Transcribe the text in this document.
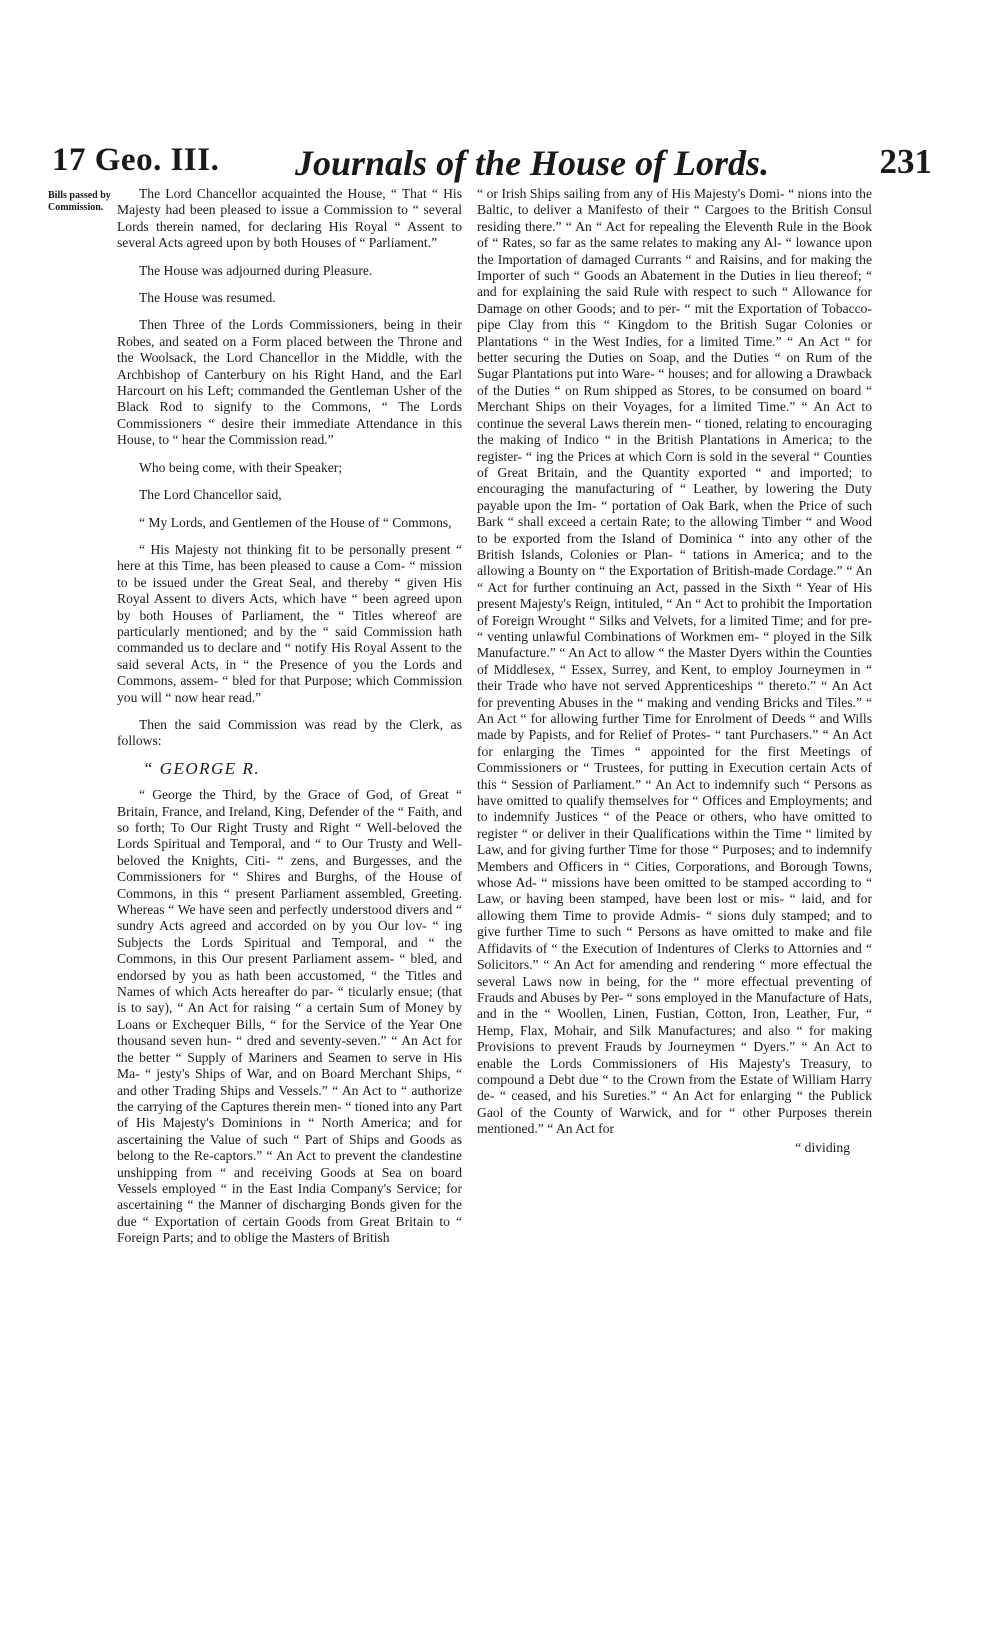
17 Geo. III. Journals of the House of Lords.	231
Bills passed by Commission.

The Lord Chancellor acquainted the House, “ That “ His Majesty had been pleased to issue a Commission to “ several Lords therein named, for declaring His Royal “ Assent to several Acts agreed upon by both Houses of “ Parliament.”

The House was adjourned during Pleasure.

The House was resumed.

Then Three of the Lords Commissioners, being in their Robes, and seated on a Form placed between the Throne and the Woolsack, the Lord Chancellor in the Middle, with the Archbishop of Canterbury on his Right Hand, and the Earl Harcourt on his Left; commanded the Gentleman Usher of the Black Rod to signify to the Commons, “ The Lords Commissioners “ desire their immediate Attendance in this House, to “ hear the Commission read.”

Who being come, with their Speaker;

The Lord Chancellor said,

“ My Lords, and Gentlemen of the House of “ Commons,

“ His Majesty not thinking fit to be personally present “ here at this Time, has been pleased to cause a Com- “ mission to be issued under the Great Seal, and thereby “ given His Royal Assent to divers Acts, which have “ been agreed upon by both Houses of Parliament, the “ Titles whereof are particularly mentioned; and by the “ said Commission hath commanded us to declare and “ notify His Royal Assent to the said several Acts, in “ the Presence of you the Lords and Commons, assem- “ bled for that Purpose; which Commission you will “ now hear read.”

Then the said Commission was read by the Clerk, as follows:

“ GEORGE R.

“ George the Third, by the Grace of God, of Great “ Britain, France, and Ireland, King, Defender of the “ Faith, and so forth; To Our Right Trusty and Right “ Well-beloved the Lords Spiritual and Temporal, and “ to Our Trusty and Well-beloved the Knights, Citi- “ zens, and Burgesses, and the Commissioners for “ Shires and Burghs, of the House of Commons, in this “ present Parliament assembled, Greeting. Whereas “ We have seen and perfectly understood divers and “ sundry Acts agreed and accorded on by you Our lov- “ ing Subjects the Lords Spiritual and Temporal, and “ the Commons, in this Our present Parliament assem- “ bled, and endorsed by you as hath been accustomed, “ the Titles and Names of which Acts hereafter do par- “ ticularly ensue; (that is to say), “ An Act for raising “ a certain Sum of Money by Loans or Exchequer Bills, “ for the Service of the Year One thousand seven hun- “ dred and seventy-seven.” “ An Act for the better “ Supply of Mariners and Seamen to serve in His Ma- “ jesty's Ships of War, and on Board Merchant Ships, “ and other Trading Ships and Vessels.” “ An Act to “ authorize the carrying of the Captures therein men- “ tioned into any Part of His Majesty's Dominions in “ North America; and for ascertaining the Value of such “ Part of Ships and Goods as belong to the Re-captors.” “ An Act to prevent the clandestine unshipping from “ and receiving Goods at Sea on board Vessels employed “ in the East India Company's Service; for ascertaining “ the Manner of discharging Bonds given for the due “ Exportation of certain Goods from Great Britain to “ Foreign Parts; and to oblige the Masters of British

“ or Irish Ships sailing from any of His Majesty's Domi- “ nions into the Baltic, to deliver a Manifesto of their “ Cargoes to the British Consul residing there.” “ An “ Act for repealing the Eleventh Rule in the Book of “ Rates, so far as the same relates to making any Al- “ lowance upon the Importation of damaged Currants “ and Raisins, and for making the Importer of such “ Goods an Abatement in the Duties in lieu thereof; “ and for explaining the said Rule with respect to such “ Allowance for Damage on other Goods; and to per- “ mit the Exportation of Tobacco-pipe Clay from this “ Kingdom to the British Sugar Colonies or Plantations “ in the West Indies, for a limited Time.” “ An Act “ for better securing the Duties on Soap, and the Duties “ on Rum of the Sugar Plantations put into Ware- “ houses; and for allowing a Drawback of the Duties “ on Rum shipped as Stores, to be consumed on board “ Merchant Ships on their Voyages, for a limited Time.” “ An Act to continue the several Laws therein men- “ tioned, relating to encouraging the making of Indico “ in the British Plantations in America; to the register- “ ing the Prices at which Corn is sold in the several “ Counties of Great Britain, and the Quantity exported “ and imported; to encouraging the manufacturing of “ Leather, by lowering the Duty payable upon the Im- “ portation of Oak Bark, when the Price of such Bark “ shall exceed a certain Rate; to the allowing Timber “ and Wood to be exported from the Island of Dominica “ into any other of the British Islands, Colonies or Plan- “ tations in America; and to the allowing a Bounty on “ the Exportation of British-made Cordage.” “ An “ Act for further continuing an Act, passed in the Sixth “ Year of His present Majesty's Reign, intituled, “ An “ Act to prohibit the Importation of Foreign Wrought “ Silks and Velvets, for a limited Time; and for pre- “ venting unlawful Combinations of Workmen em- “ ployed in the Silk Manufacture.” “ An Act to allow “ the Master Dyers within the Counties of Middlesex, “ Essex, Surrey, and Kent, to employ Journeymen in “ their Trade who have not served Apprenticeships “ thereto.” “ An Act for preventing Abuses in the “ making and vending Bricks and Tiles.” “ An Act “ for allowing further Time for Enrolment of Deeds “ and Wills made by Papists, and for Relief of Protes- “ tant Purchasers.” “ An Act for enlarging the Times “ appointed for the first Meetings of Commissioners or “ Trustees, for putting in Execution certain Acts of this “ Session of Parliament.” “ An Act to indemnify such “ Persons as have omitted to qualify themselves for “ Offices and Employments; and to indemnify Justices “ of the Peace or others, who have omitted to register “ or deliver in their Qualifications within the Time “ limited by Law, and for giving further Time for those “ Purposes; and to indemnify Members and Officers in “ Cities, Corporations, and Borough Towns, whose Ad- “ missions have been omitted to be stamped according to “ Law, or having been stamped, have been lost or mis- “ laid, and for allowing them Time to provide Admis- “ sions duly stamped; and to give further Time to such “ Persons as have omitted to make and file Affidavits of “ the Execution of Indentures of Clerks to Attornies and “ Solicitors.” “ An Act for amending and rendering “ more effectual the several Laws now in being, for the “ more effectual preventing of Frauds and Abuses by Per- “ sons employed in the Manufacture of Hats, and in the “ Woollen, Linen, Fustian, Cotton, Iron, Leather, Fur, “ Hemp, Flax, Mohair, and Silk Manufactures; and also “ for making Provisions to prevent Frauds by Journeymen “ Dyers.” “ An Act to enable the Lords Commissioners of His Majesty's Treasury, to compound a Debt due “ to the Crown from the Estate of William Harry de- “ ceased, and his Sureties.” “ An Act for enlarging “ the Publick Gaol of the County of Warwick, and for “ other Purposes therein mentioned.” “ An Act for

“ dividing
